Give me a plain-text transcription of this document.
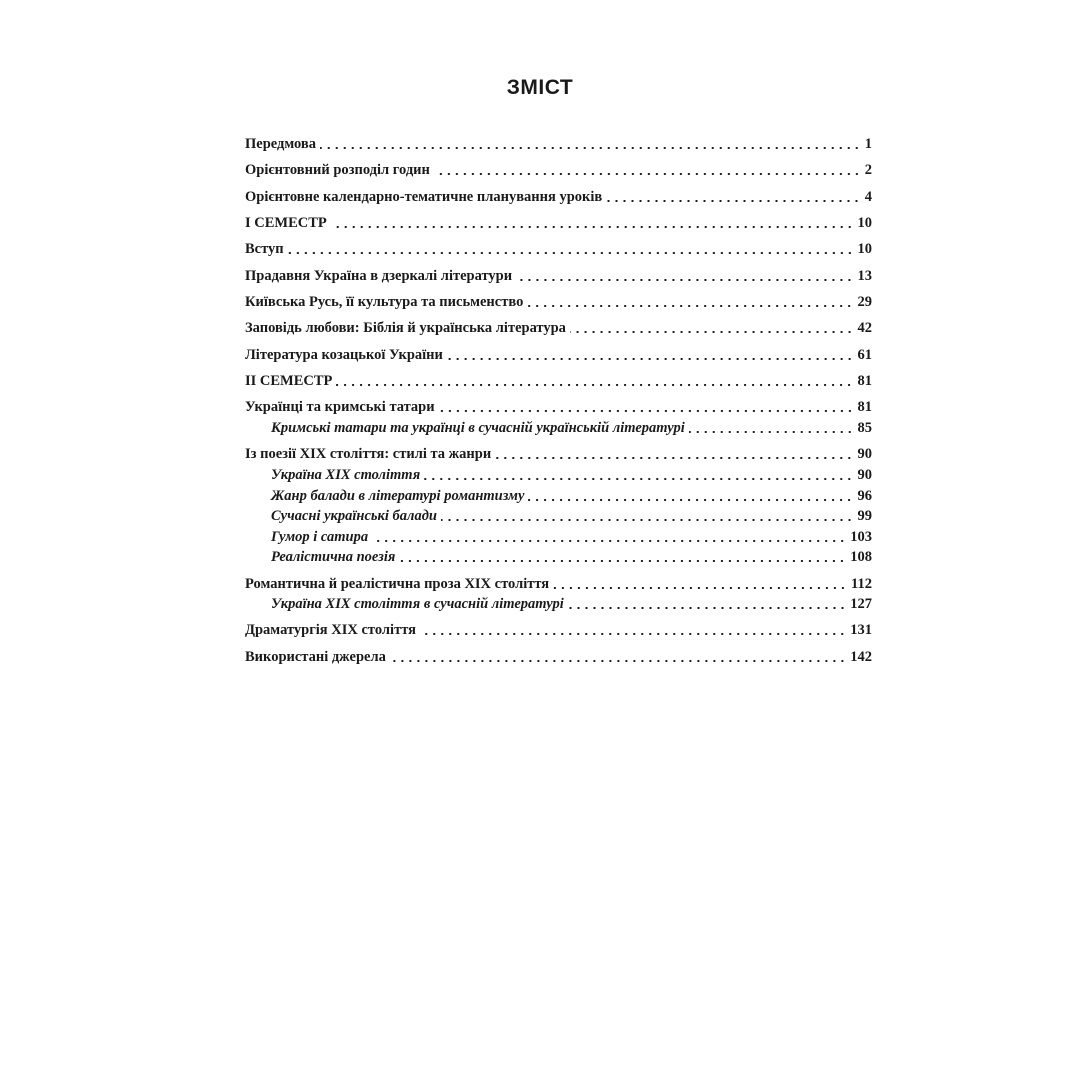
ЗМІСТ
Передмова	1
Орієнтовний розподіл годин	2
Орієнтовне календарно-тематичне планування уроків	4
І СЕМЕСТР	10
Вступ	10
Прадавня Україна в дзеркалі літератури	13
Київська Русь, її культура та письменство	29
Заповідь любови: Біблія й українська література	42
Література козацької України	61
ІІ СЕМЕСТР	81
Українці та кримські татари	81
Кримські татари та українці в сучасній українській літературі	85
Із поезії XIX століття: стилі та жанри	90
Україна XIX століття	90
Жанр балади в літературі романтизму	96
Сучасні українські балади	99
Гумор і сатира	103
Реалістична поезія	108
Романтична й реалістична проза XIX століття	112
Україна XIX століття в сучасній літературі	127
Драматургія XIX століття	131
Використані джерела	142
